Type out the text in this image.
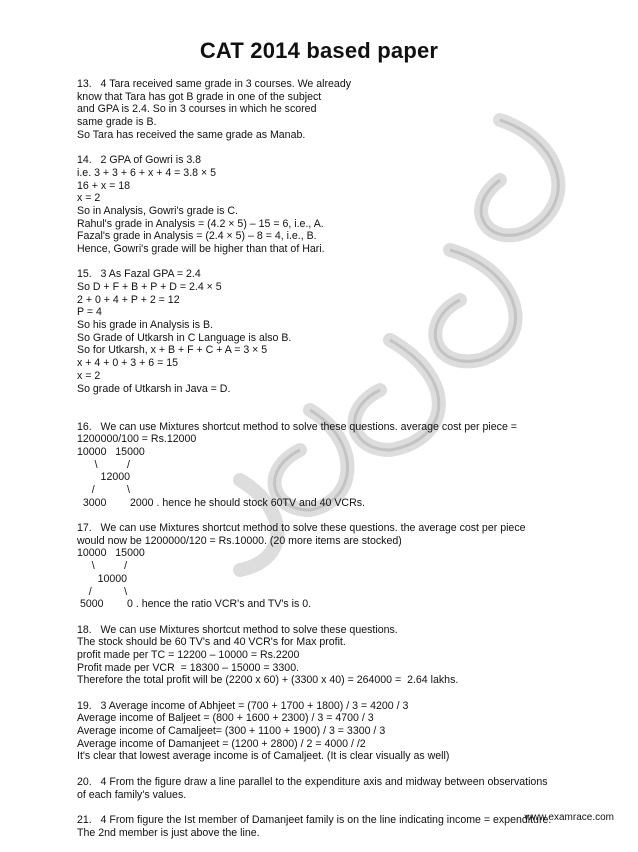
CAT 2014 based paper
13.   4 Tara received same grade in 3 courses. We already
know that Tara has got B grade in one of the subject
and GPA is 2.4. So in 3 courses in which he scored
same grade is B.
So Tara has received the same grade as Manab.
14.   2 GPA of Gowri is 3.8
i.e. 3 + 3 + 6 + x + 4 = 3.8 × 5
16 + x = 18
x = 2
So in Analysis, Gowri's grade is C.
Rahul's grade in Analysis = (4.2 × 5) – 15 = 6, i.e., A.
Fazal's grade in Analysis = (2.4 × 5) – 8 = 4, i.e., B.
Hence, Gowri's grade will be higher than that of Hari.
15.   3 As Fazal GPA = 2.4
So D + F + B + P + D = 2.4 × 5
2 + 0 + 4 + P + 2 = 12
P = 4
So his grade in Analysis is B.
So Grade of Utkarsh in C Language is also B.
So for Utkarsh, x + B + F + C + A = 3 × 5
x + 4 + 0 + 3 + 6 = 15
x = 2
So grade of Utkarsh in Java = D.
16.   We can use Mixtures shortcut method to solve these questions. average cost per piece =
1200000/100 = Rs.12000
10000   15000
\          /
12000
/           \
3000        2000 . hence he should stock 60TV and 40 VCRs.
17.   We can use Mixtures shortcut method to solve these questions. the average cost per piece
would now be 1200000/120 = Rs.10000. (20 more items are stocked)
10000   15000
\          /
10000
/           \
5000        0 . hence the ratio VCR's and TV's is 0.
18.   We can use Mixtures shortcut method to solve these questions.
The stock should be 60 TV's and 40 VCR's for Max profit.
profit made per TC = 12200 – 10000 = Rs.2200
Profit made per VCR  = 18300 – 15000 = 3300.
Therefore the total profit will be (2200 x 60) + (3300 x 40) = 264000 =  2.64 lakhs.
19.   3 Average income of Abhjeet = (700 + 1700 + 1800) / 3 = 4200 / 3
Average income of Baljeet = (800 + 1600 + 2300) / 3 = 4700 / 3
Average income of Camaljeet= (300 + 1100 + 1900) / 3 = 3300 / 3
Average income of Damanjeet = (1200 + 2800) / 2 = 4000 / /2
It's clear that lowest average income is of Camaljeet. (It is clear visually as well)
20.   4 From the figure draw a line parallel to the expenditure axis and midway between observations
of each family's values.
21.   4 From figure the Ist member of Damanjeet family is on the line indicating income = expenditure.
The 2nd member is just above the line.
www.examrace.com
